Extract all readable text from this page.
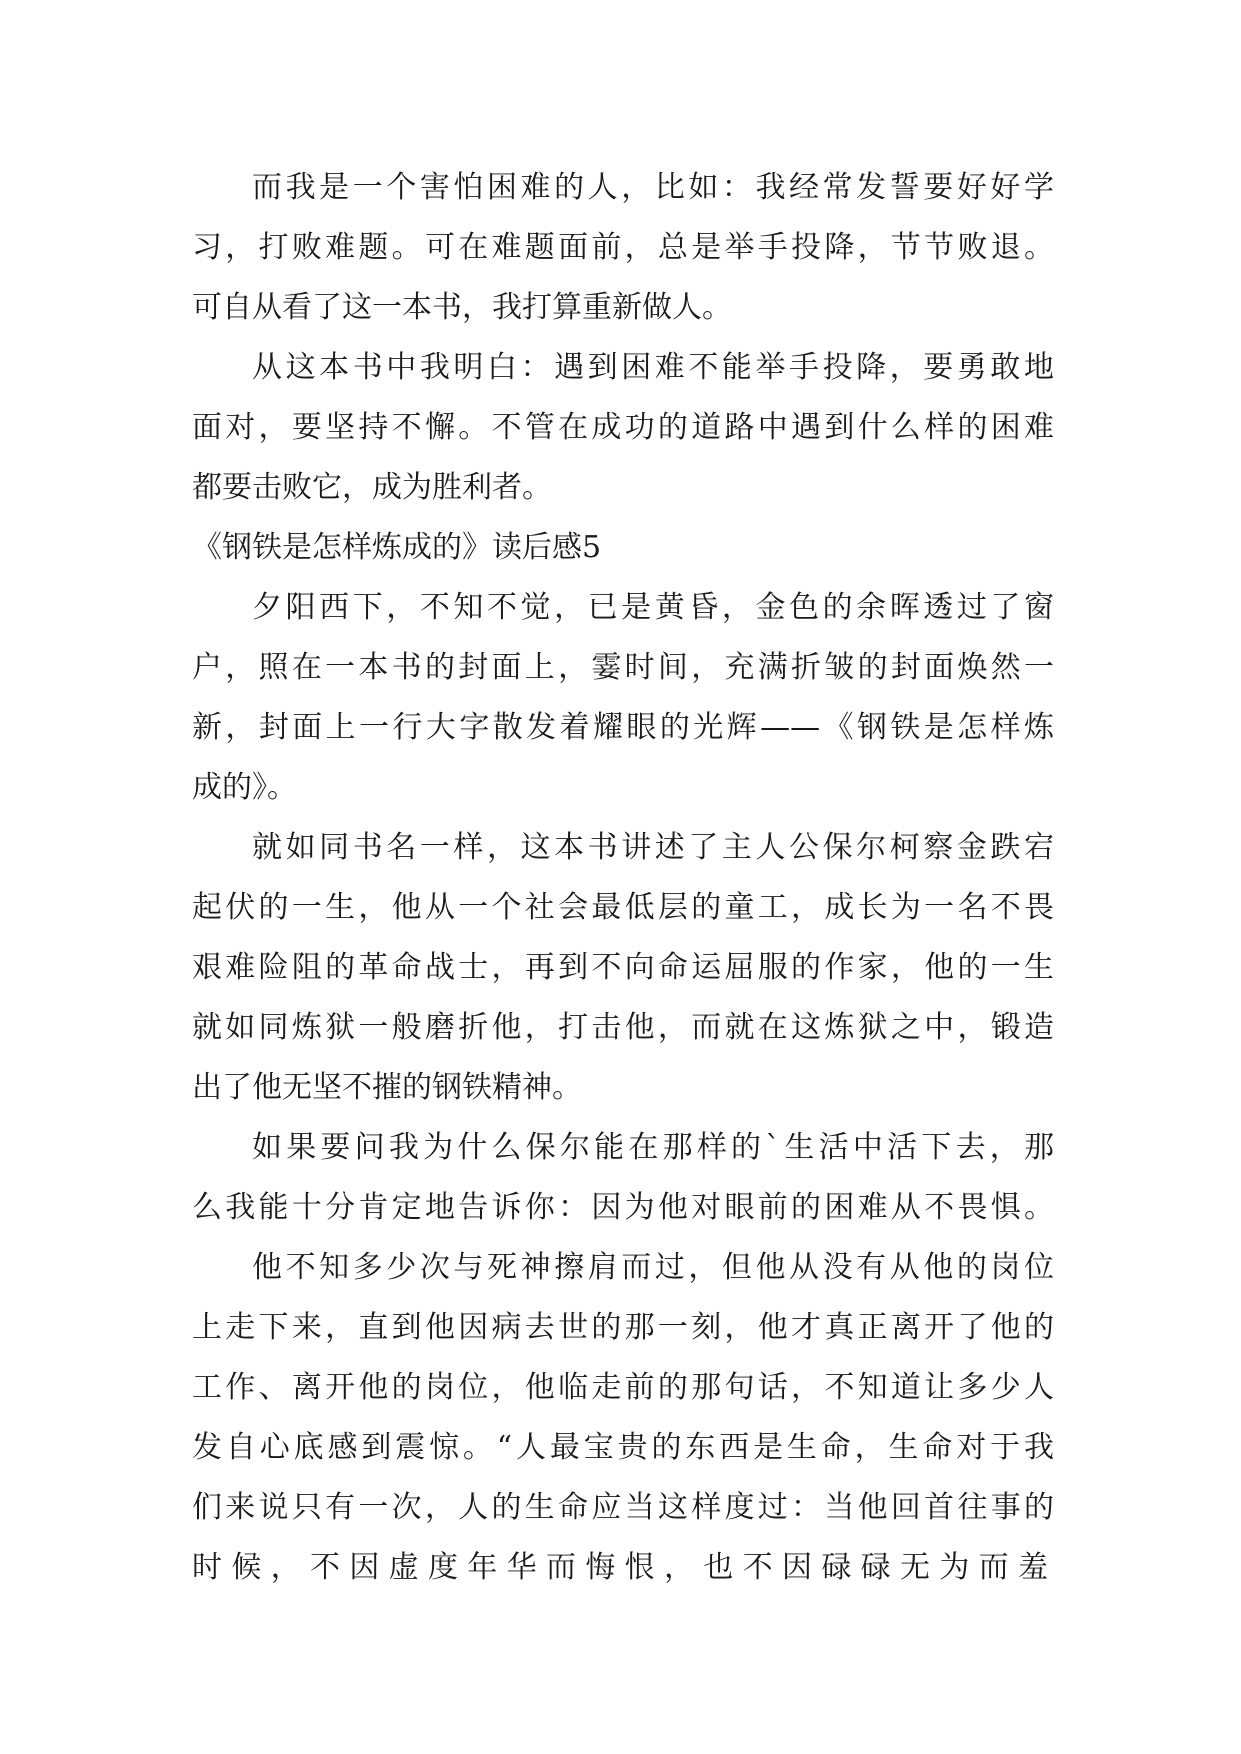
而我是一个害怕困难的人，比如：我经常发誓要好好学
习，打败难题。可在难题面前，总是举手投降，节节败退。
可自从看了这一本书，我打算重新做人。
从这本书中我明白：遇到困难不能举手投降，要勇敢地
面对，要坚持不懈。不管在成功的道路中遇到什么样的困难
都要击败它，成为胜利者。
《钢铁是怎样炼成的》读后感5
夕阳西下，不知不觉，已是黄昏，金色的余晖透过了窗
户，照在一本书的封面上，霎时间，充满折皱的封面焕然一
新，封面上一行大字散发着耀眼的光辉——《钢铁是怎样炼
成的》。
就如同书名一样，这本书讲述了主人公保尔柯察金跌宕
起伏的一生，他从一个社会最低层的童工，成长为一名不畏
艰难险阻的革命战士，再到不向命运屈服的作家，他的一生
就如同炼狱一般磨折他，打击他，而就在这炼狱之中，锻造
出了他无坚不摧的钢铁精神。
如果要问我为什么保尔能在那样的`生活中活下去，那
么我能十分肯定地告诉你：因为他对眼前的困难从不畏惧。
他不知多少次与死神擦肩而过，但他从没有从他的岗位
上走下来，直到他因病去世的那一刻，他才真正离开了他的
工作、离开他的岗位，他临走前的那句话，不知道让多少人
发自心底感到震惊。“人最宝贵的东西是生命，生命对于我
们来说只有一次，人的生命应当这样度过：当他回首往事的
时候，不因虚度年华而悔恨，也不因碌碌无为而羞
